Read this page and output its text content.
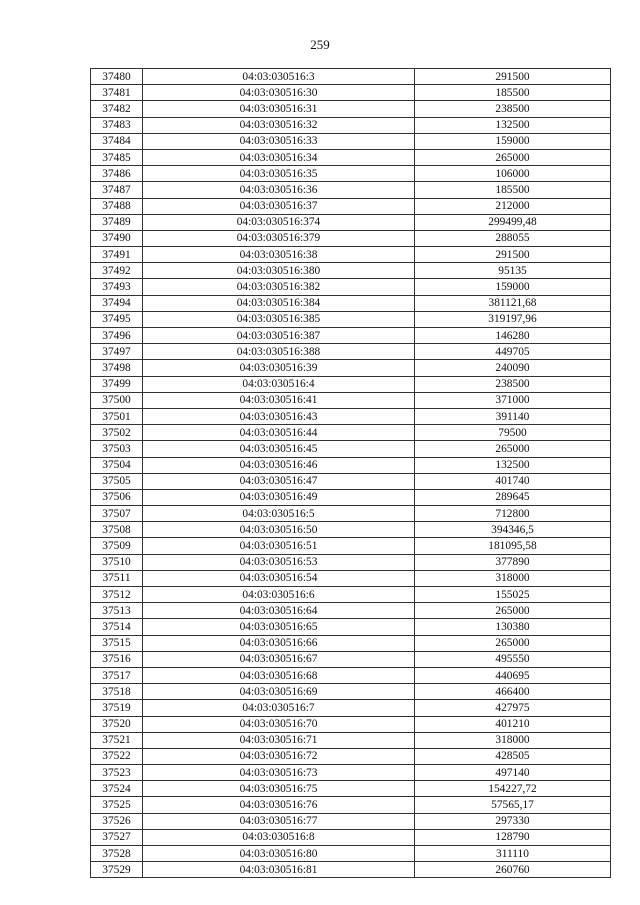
259
37480	04:03:030516:3	291500
37481	04:03:030516:30	185500
37482	04:03:030516:31	238500
37483	04:03:030516:32	132500
37484	04:03:030516:33	159000
37485	04:03:030516:34	265000
37486	04:03:030516:35	106000
37487	04:03:030516:36	185500
37488	04:03:030516:37	212000
37489	04:03:030516:374	299499,48
37490	04:03:030516:379	288055
37491	04:03:030516:38	291500
37492	04:03:030516:380	95135
37493	04:03:030516:382	159000
37494	04:03:030516:384	381121,68
37495	04:03:030516:385	319197,96
37496	04:03:030516:387	146280
37497	04:03:030516:388	449705
37498	04:03:030516:39	240090
37499	04:03:030516:4	238500
37500	04:03:030516:41	371000
37501	04:03:030516:43	391140
37502	04:03:030516:44	79500
37503	04:03:030516:45	265000
37504	04:03:030516:46	132500
37505	04:03:030516:47	401740
37506	04:03:030516:49	289645
37507	04:03:030516:5	712800
37508	04:03:030516:50	394346,5
37509	04:03:030516:51	181095,58
37510	04:03:030516:53	377890
37511	04:03:030516:54	318000
37512	04:03:030516:6	155025
37513	04:03:030516:64	265000
37514	04:03:030516:65	130380
37515	04:03:030516:66	265000
37516	04:03:030516:67	495550
37517	04:03:030516:68	440695
37518	04:03:030516:69	466400
37519	04:03:030516:7	427975
37520	04:03:030516:70	401210
37521	04:03:030516:71	318000
37522	04:03:030516:72	428505
37523	04:03:030516:73	497140
37524	04:03:030516:75	154227,72
37525	04:03:030516:76	57565,17
37526	04:03:030516:77	297330
37527	04:03:030516:8	128790
37528	04:03:030516:80	311110
37529	04:03:030516:81	260760
